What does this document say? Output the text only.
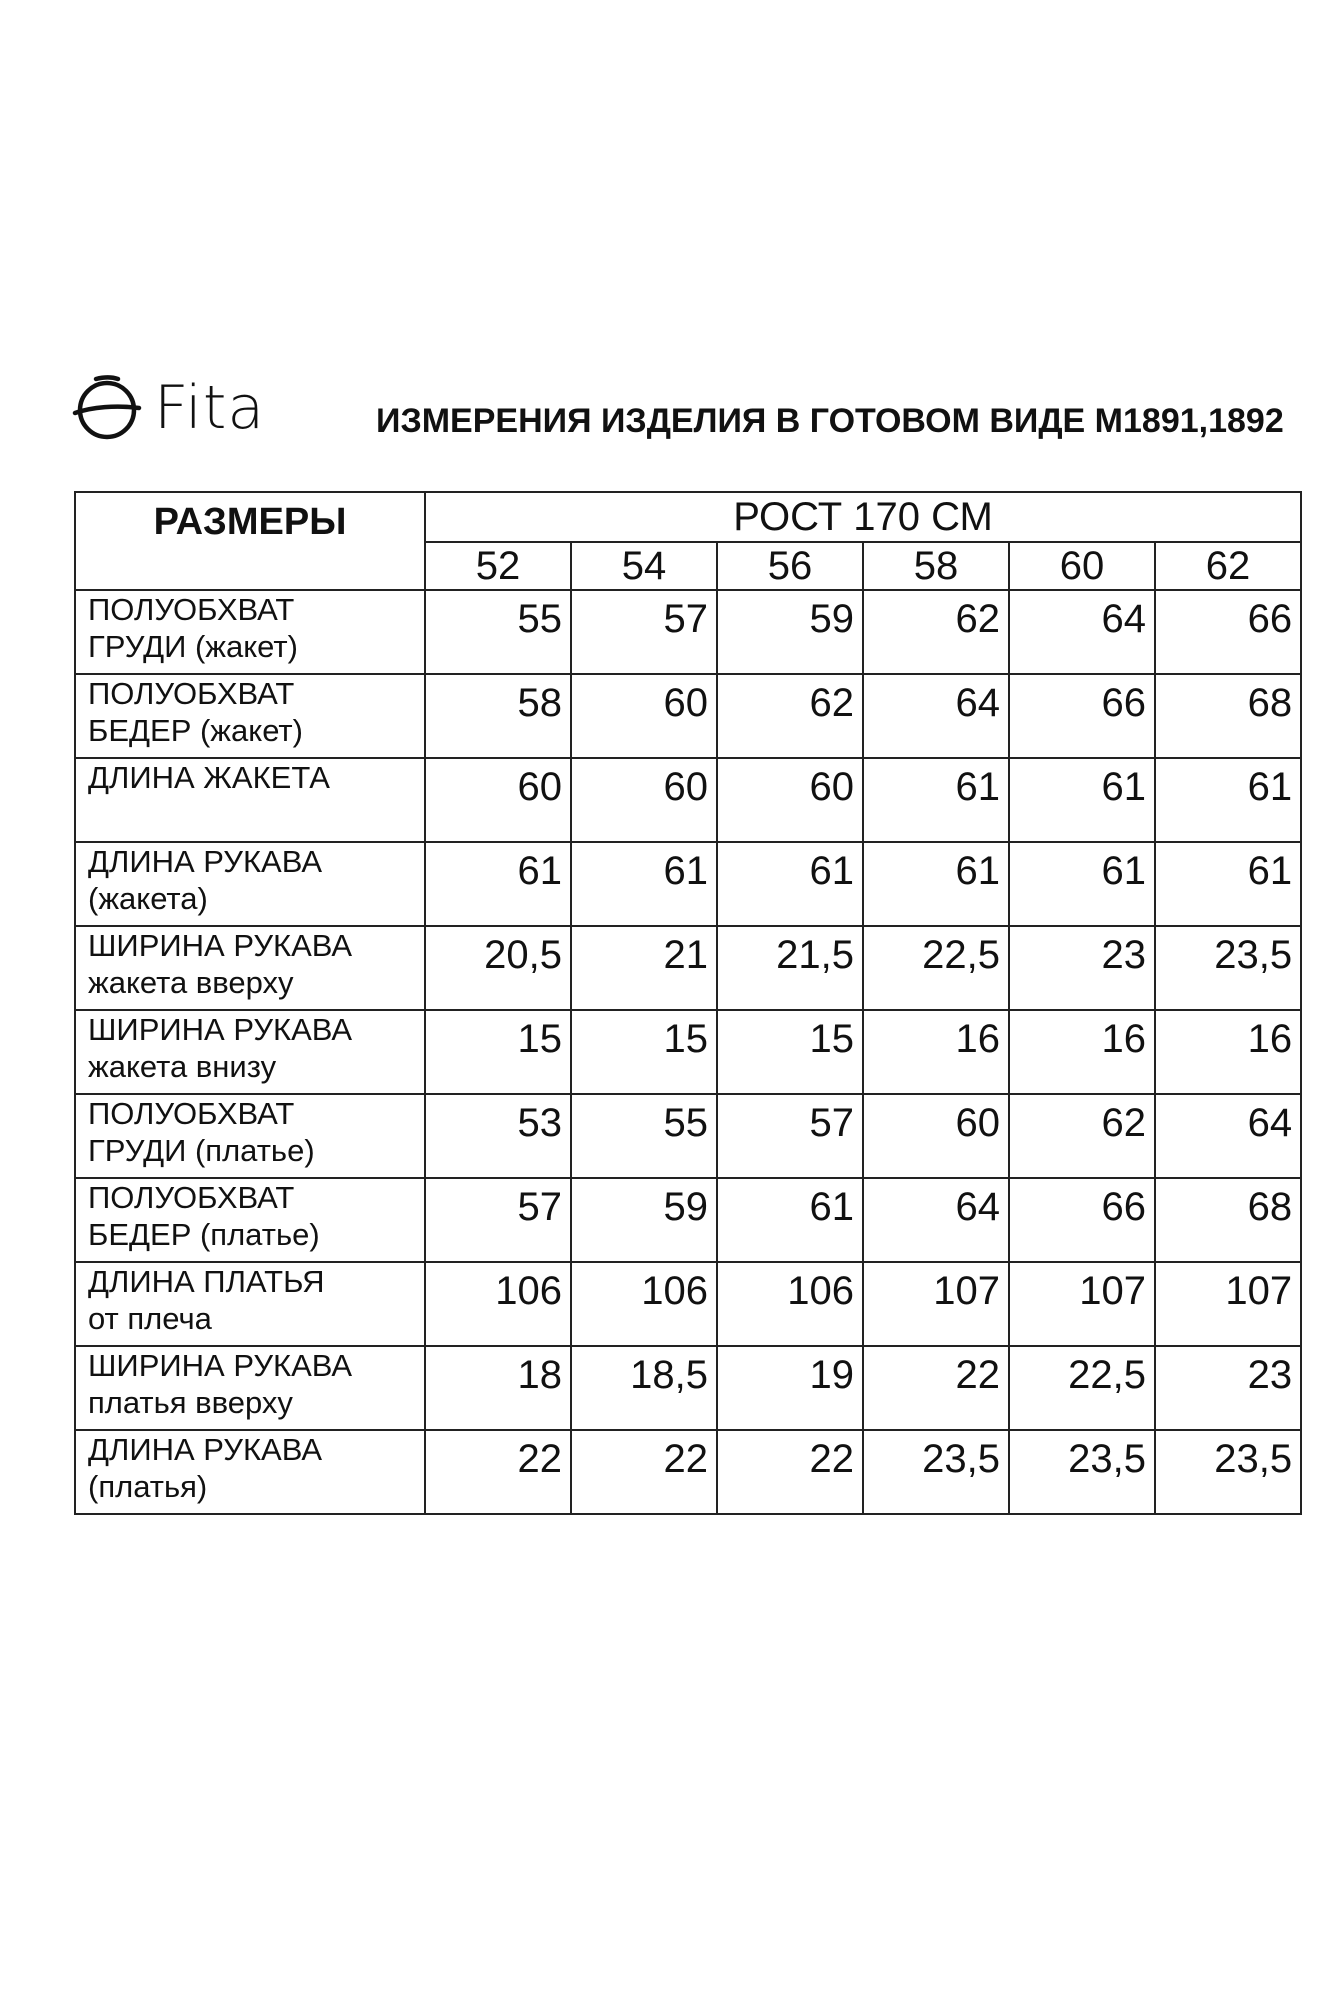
Fita	ИЗМЕРЕНИЯ ИЗДЕЛИЯ В ГОТОВОМ ВИДЕ М1891,1892
РАЗМЕРЫ	РОСТ 170 СМ					
	52	54	56	58	60	62

ПОЛУОБХВАТ
ГРУДИ (жакет)	55	57	59	62	64	66

ПОЛУОБХВАТ
БЕДЕР (жакет)	58	60	62	64	66	68

ДЛИНА ЖАКЕТА	60	60	60	61	61	61

ДЛИНА РУКАВА
(жакета)	61	61	61	61	61	61

ШИРИНА РУКАВА
жакета вверху	20,5	21	21,5	22,5	23	23,5

ШИРИНА РУКАВА
жакета внизу	15	15	15	16	16	16

ПОЛУОБХВАТ
ГРУДИ (платье)	53	55	57	60	62	64

ПОЛУОБХВАТ
БЕДЕР (платье)	57	59	61	64	66	68

ДЛИНА ПЛАТЬЯ
от плеча	106	106	106	107	107	107

ШИРИНА РУКАВА
платья вверху	18	18,5	19	22	22,5	23

ДЛИНА РУКАВА
(платья)	22	22	22	23,5	23,5	23,5
